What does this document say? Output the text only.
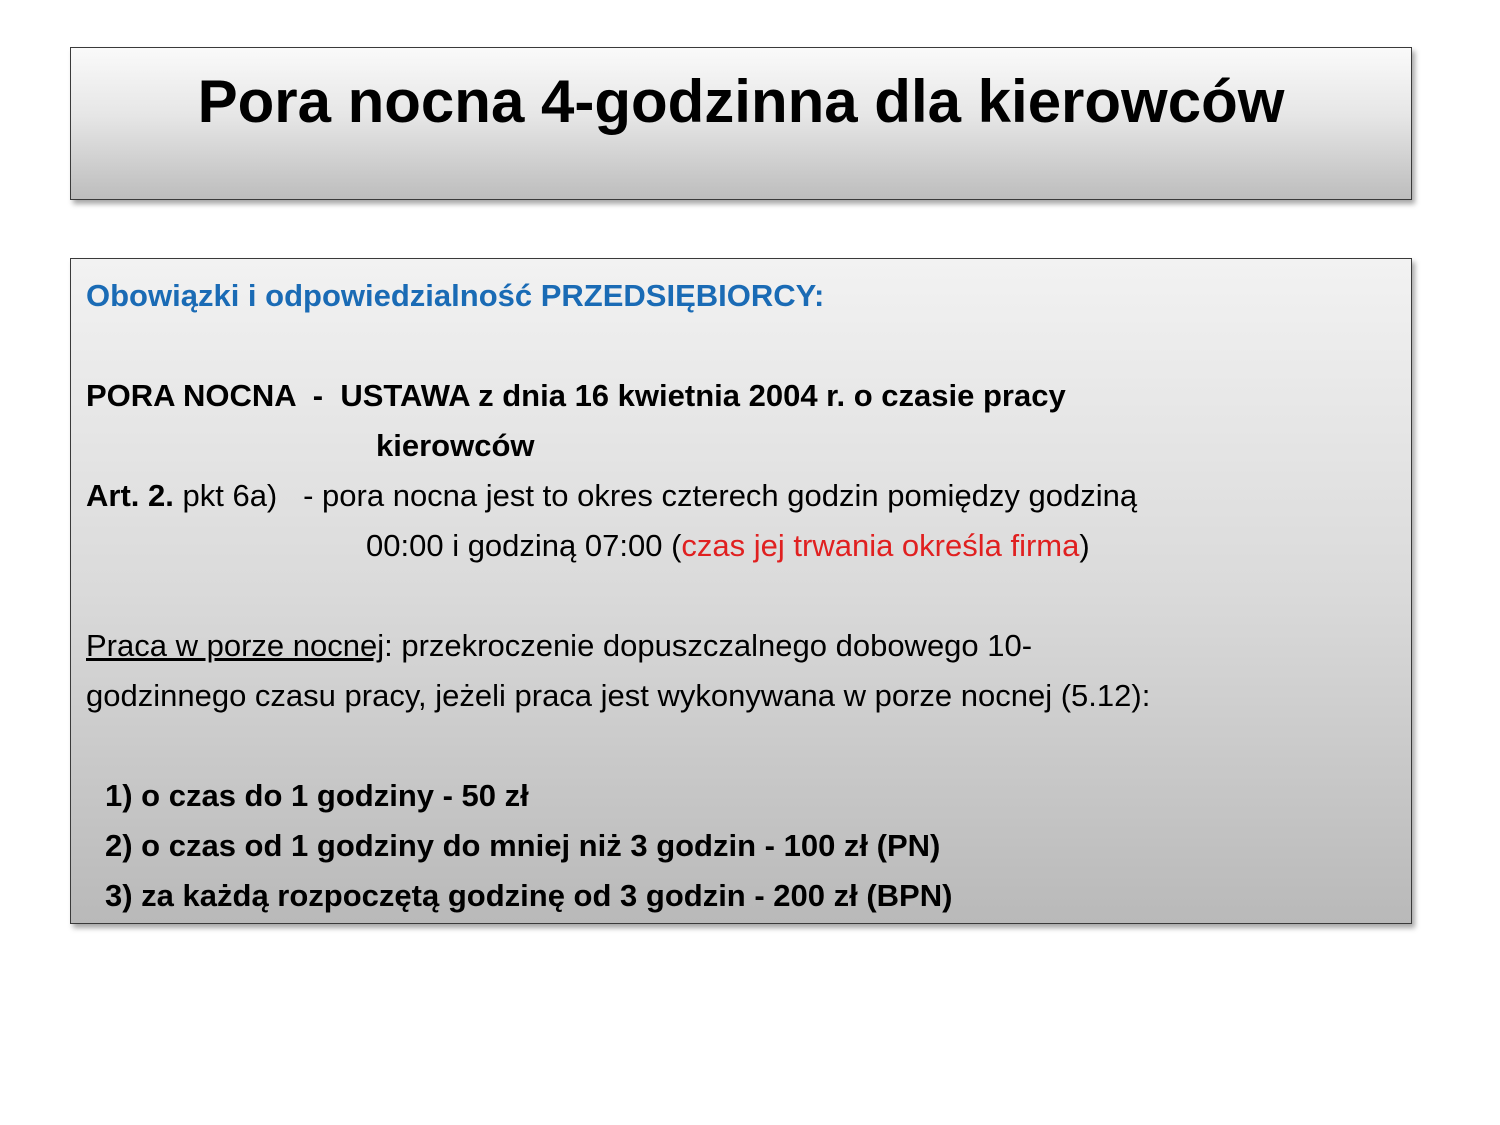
Pora nocna 4-godzinna dla kierowców
Obowiązki i odpowiedzialność PRZEDSIĘBIORCY:
PORA NOCNA - USTAWA z dnia 16 kwietnia 2004 r. o czasie pracy
kierowców
Art. 2. pkt 6a) - pora nocna jest to okres czterech godzin pomiędzy godziną
00:00 i godziną 07:00 (czas jej trwania określa firma)
Praca w porze nocnej: przekroczenie dopuszczalnego dobowego 10-
godzinnego czasu pracy, jeżeli praca jest wykonywana w porze nocnej (5.12):
1) o czas do 1 godziny - 50 zł
2) o czas od 1 godziny do mniej niż 3 godzin - 100 zł (PN)
3) za każdą rozpoczętą godzinę od 3 godzin - 200 zł (BPN)
